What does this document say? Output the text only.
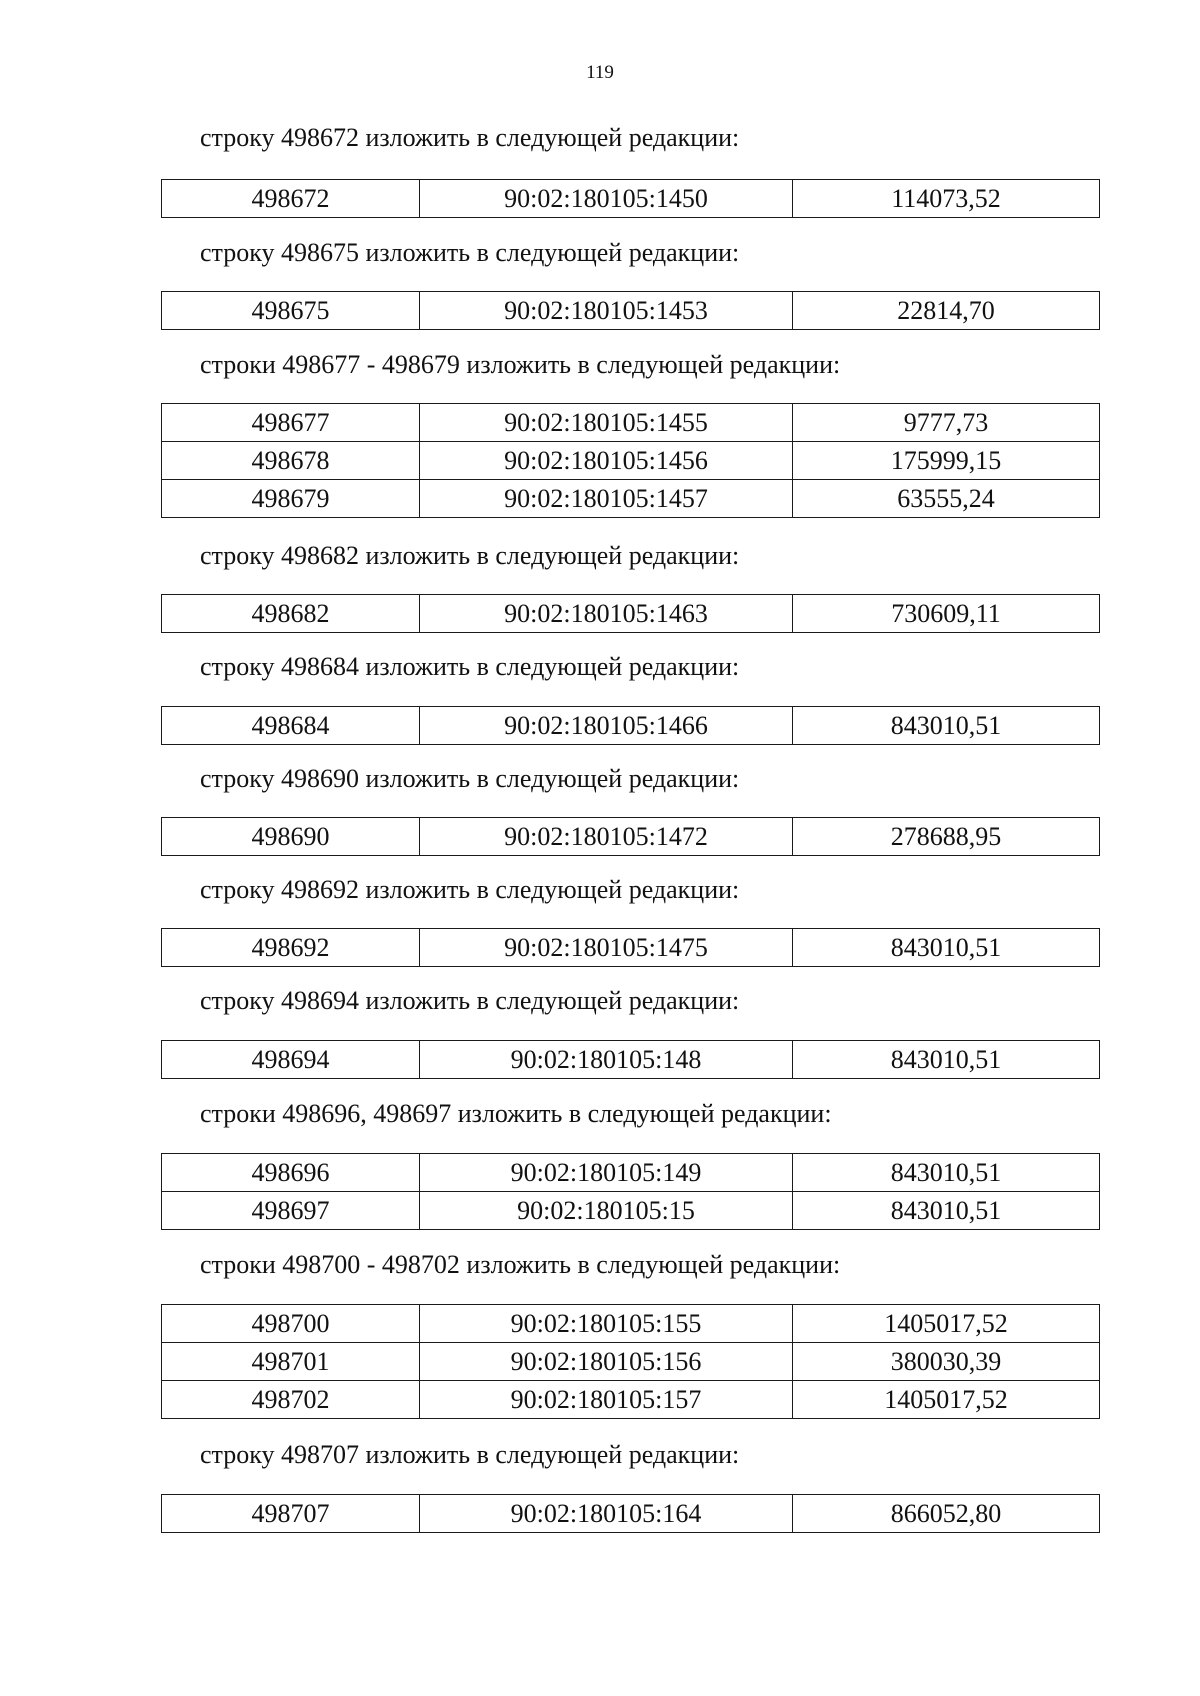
119
строку 498672 изложить в следующей редакции:
498672	90:02:180105:1450	114073,52
строку 498675 изложить в следующей редакции:
498675	90:02:180105:1453	22814,70
строки 498677 - 498679 изложить в следующей редакции:
498677	90:02:180105:1455	9777,73
498678	90:02:180105:1456	175999,15
498679	90:02:180105:1457	63555,24
строку 498682 изложить в следующей редакции:
498682	90:02:180105:1463	730609,11
строку 498684 изложить в следующей редакции:
498684	90:02:180105:1466	843010,51
строку 498690 изложить в следующей редакции:
498690	90:02:180105:1472	278688,95
строку 498692 изложить в следующей редакции:
498692	90:02:180105:1475	843010,51
строку 498694 изложить в следующей редакции:
498694	90:02:180105:148	843010,51
строки 498696, 498697 изложить в следующей редакции:
498696	90:02:180105:149	843010,51
498697	90:02:180105:15	843010,51
строки 498700 - 498702 изложить в следующей редакции:
498700	90:02:180105:155	1405017,52
498701	90:02:180105:156	380030,39
498702	90:02:180105:157	1405017,52
строку 498707 изложить в следующей редакции:
498707	90:02:180105:164	866052,80
